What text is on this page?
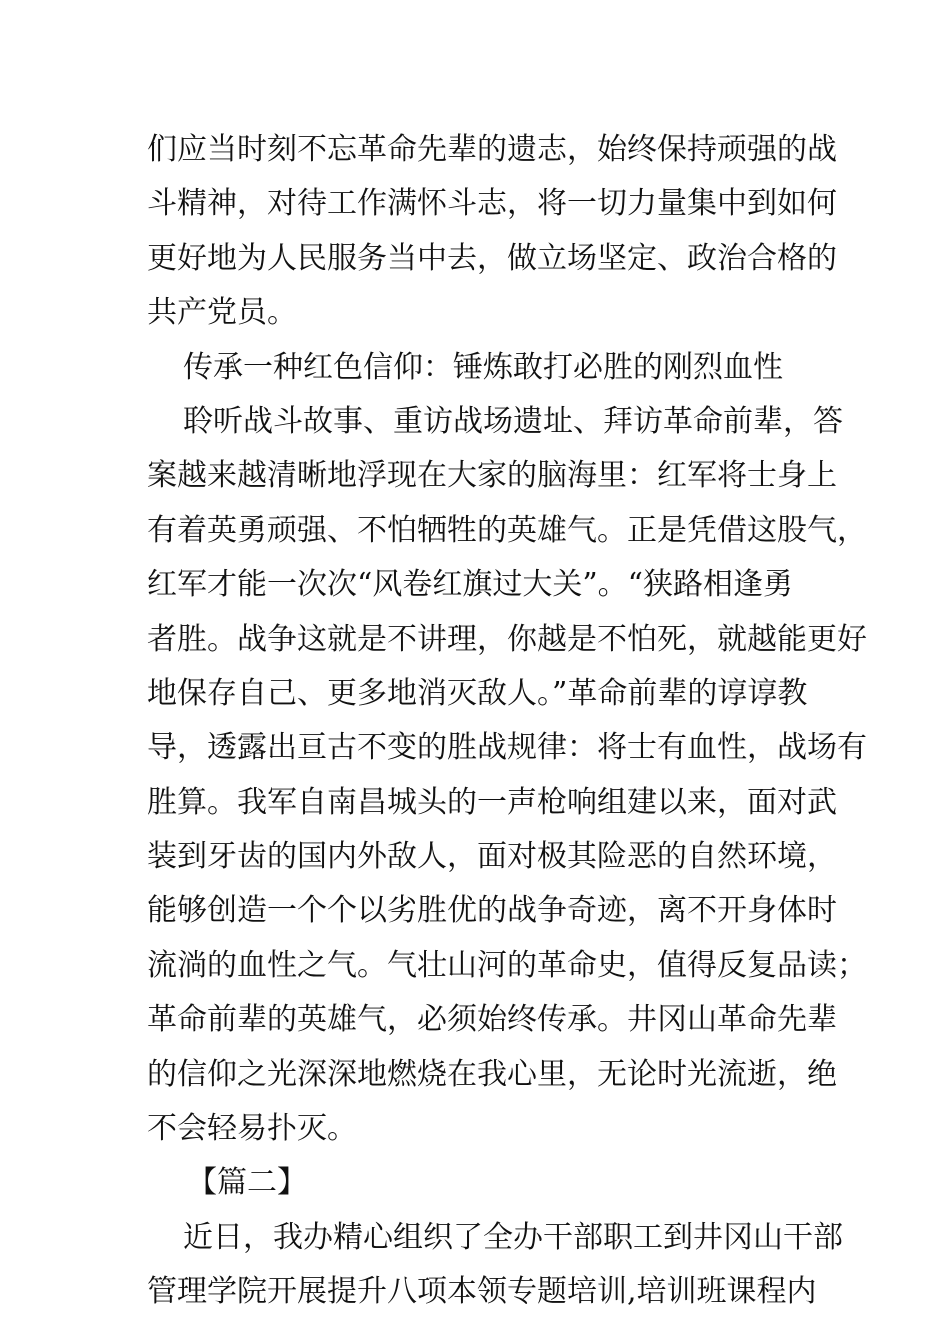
们应当时刻不忘革命先辈的遗志，始终保持顽强的战
斗精神，对待工作满怀斗志，将一切力量集中到如何
更好地为人民服务当中去，做立场坚定、政治合格的
共产党员。
传承一种红色信仰：锤炼敢打必胜的刚烈血性
聆听战斗故事、重访战场遗址、拜访革命前辈，答
案越来越清晰地浮现在大家的脑海里：红军将士身上
有着英勇顽强、不怕牺牲的英雄气。正是凭借这股气，
红军才能一次次“风卷红旗过大关”。“狭路相逢勇
者胜。战争这就是不讲理，你越是不怕死，就越能更好
地保存自己、更多地消灭敌人。”革命前辈的谆谆教
导，透露出亘古不变的胜战规律：将士有血性，战场有
胜算。我军自南昌城头的一声枪响组建以来，面对武
装到牙齿的国内外敌人，面对极其险恶的自然环境，
能够创造一个个以劣胜优的战争奇迹，离不开身体时
流淌的血性之气。气壮山河的革命史，值得反复品读；
革命前辈的英雄气，必须始终传承。井冈山革命先辈
的信仰之光深深地燃烧在我心里，无论时光流逝，绝
不会轻易扑灭。
【篇二】
近日，我办精心组织了全办干部职工到井冈山干部
管理学院开展提升八项本领专题培训,培训班课程内
